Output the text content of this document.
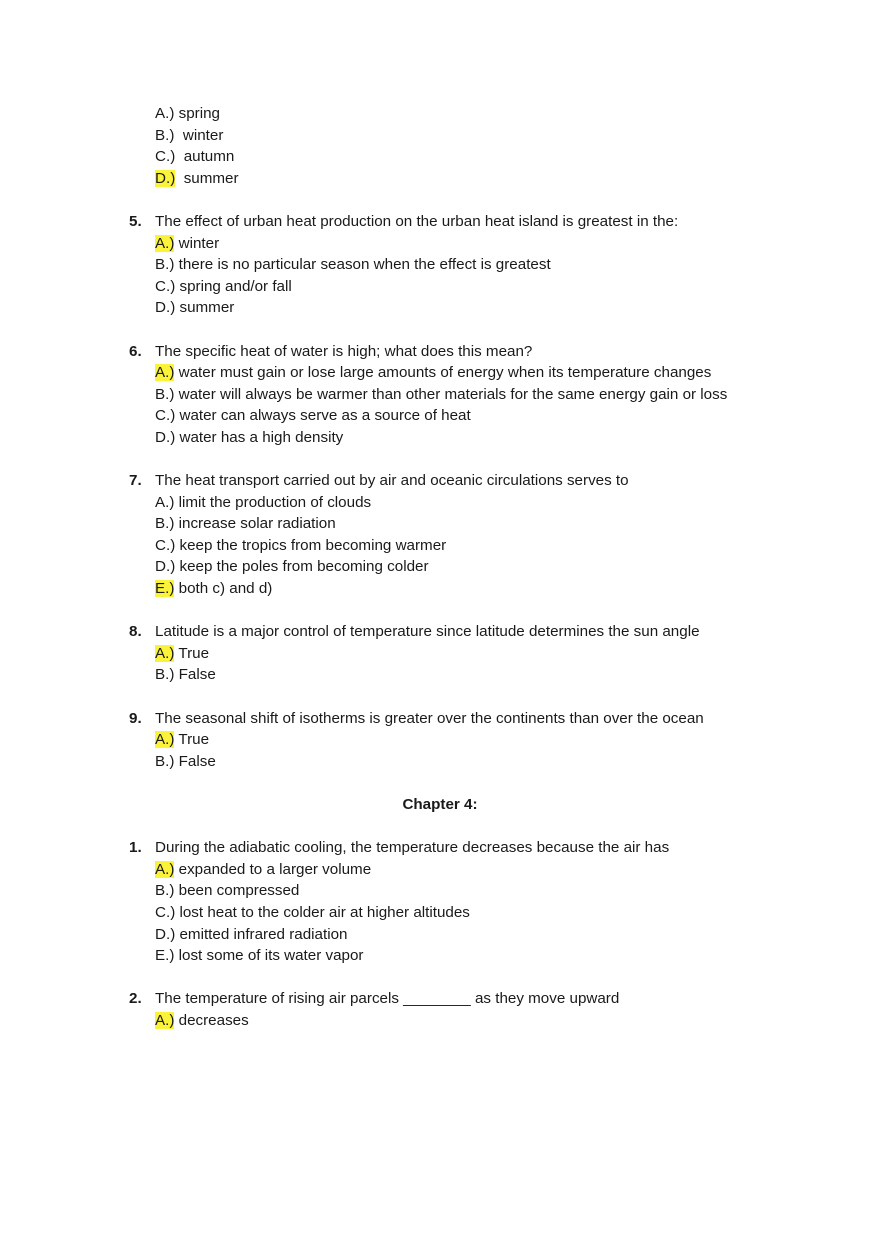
A.) spring
B.)  winter
C.)  autumn
D.)  summer
5. The effect of urban heat production on the urban heat island is greatest in the:
A.) winter
B.) there is no particular season when the effect is greatest
C.) spring and/or fall
D.) summer
6. The specific heat of water is high; what does this mean?
A.) water must gain or lose large amounts of energy when its temperature changes
B.) water will always be warmer than other materials for the same energy gain or loss
C.) water can always serve as a source of heat
D.) water has a high density
7. The heat transport carried out by air and oceanic circulations serves to
A.) limit the production of clouds
B.) increase solar radiation
C.) keep the tropics from becoming warmer
D.) keep the poles from becoming colder
E.) both c) and d)
8. Latitude is a major control of temperature since latitude determines the sun angle
A.) True
B.) False
9. The seasonal shift of isotherms is greater over the continents than over the ocean
A.) True
B.) False
Chapter 4:
1. During the adiabatic cooling, the temperature decreases because the air has
A.) expanded to a larger volume
B.) been compressed
C.) lost heat to the colder air at higher altitudes
D.) emitted infrared radiation
E.) lost some of its water vapor
2. The temperature of rising air parcels ________ as they move upward
A.) decreases
